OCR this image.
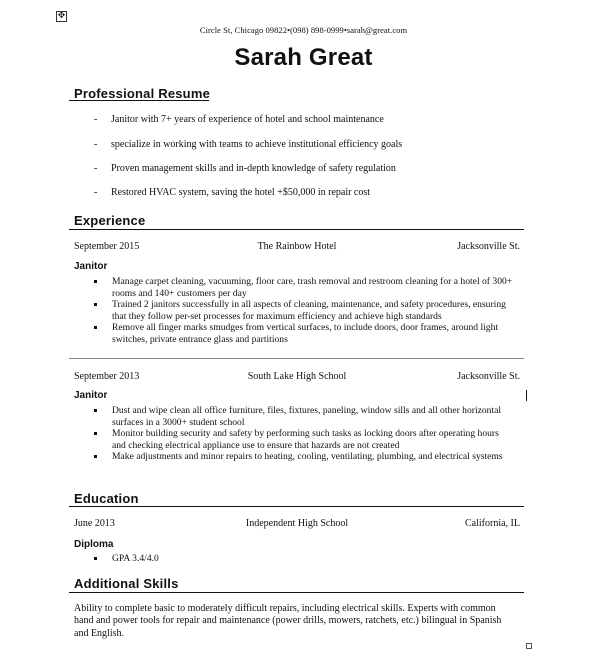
✥
Circle St, Chicago 09822•(098) 898-0999•sarah@great.com
Sarah Great
Professional Resume
- Janitor with 7+ years of experience of hotel and school maintenance
- specialize in working with teams to achieve institutional efficiency goals
- Proven management skills and in-depth knowledge of safety regulation
- Restored HVAC system, saving the hotel +$50,000 in repair cost
Experience
September 2015	The Rainbow Hotel	Jacksonville St.
Janitor
Manage carpet cleaning, vacuuming, floor care, trash removal and restroom cleaning for a hotel of 300+ rooms and 140+ customers per day
Trained 2 janitors successfully in all aspects of cleaning, maintenance, and safety procedures, ensuring that they follow per-set processes for maximum efficiency and achieve high standards
Remove all finger marks smudges from vertical surfaces, to include doors, door frames, around light switches, private entrance glass and partitions
September 2013	South Lake High School	Jacksonville St.
Janitor
Dust and wipe clean all office furniture, files, fixtures, paneling, window sills and all other horizontal surfaces in a 3000+ student school
Monitor building security and safety by performing such tasks as locking doors after operating hours and checking electrical appliance use to ensure that hazards are not created
Make adjustments and minor repairs to heating, cooling, ventilating, plumbing, and electrical systems
Education
June 2013	Independent High School	California, IL
Diploma
GPA 3.4/4.0
Additional Skills
Ability to complete basic to moderately difficult repairs, including electrical skills. Experts with common hand and power tools for repair and maintenance (power drills, mowers, ratchets, etc.) bilingual in Spanish and English.
